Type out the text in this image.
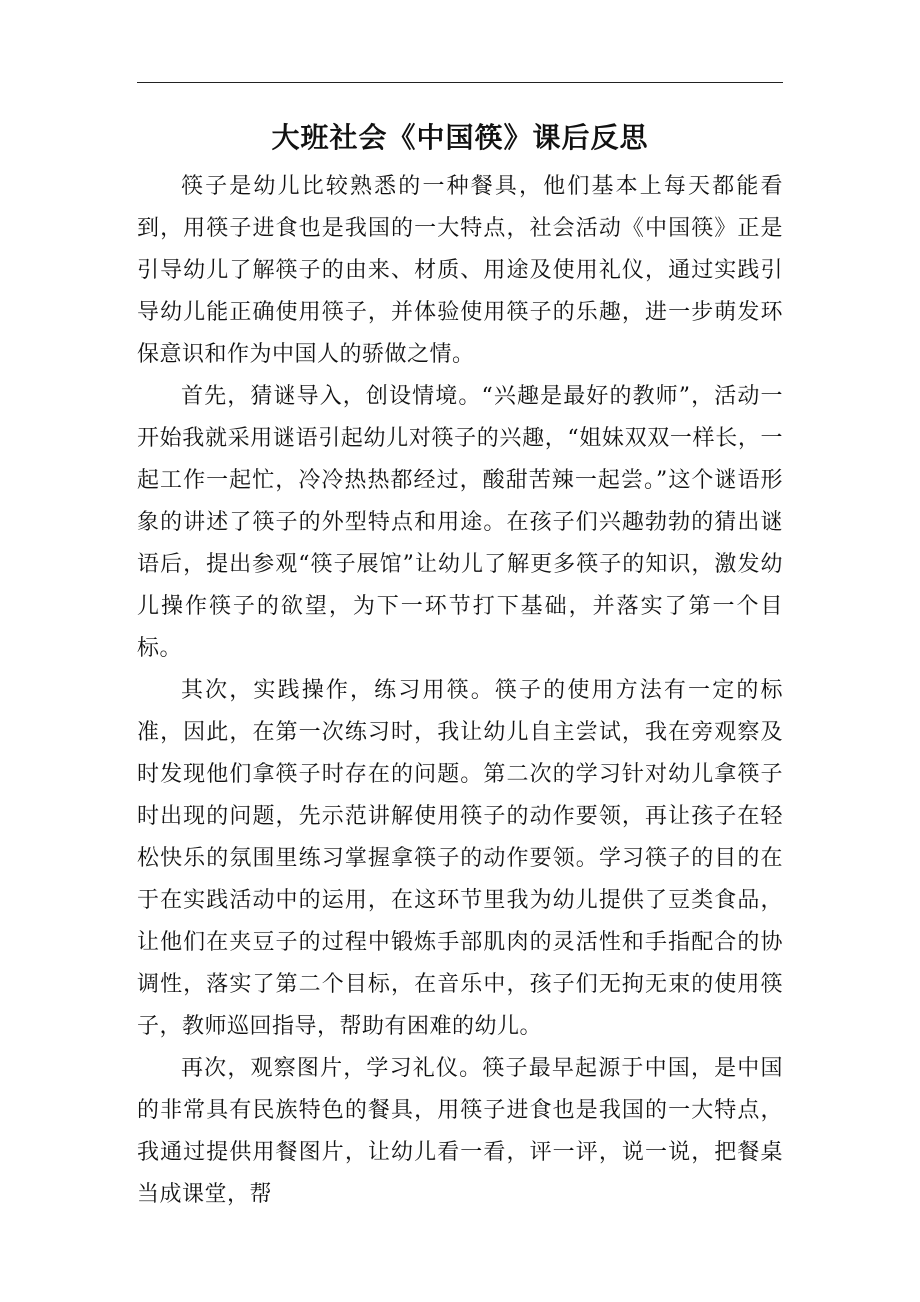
大班社会《中国筷》课后反思

筷子是幼儿比较熟悉的一种餐具，他们基本上每天都能看到，用筷子进食也是我国的一大特点，社会活动《中国筷》正是引导幼儿了解筷子的由来、材质、用途及使用礼仪，通过实践引导幼儿能正确使用筷子，并体验使用筷子的乐趣，进一步萌发环保意识和作为中国人的骄做之情。

首先，猜谜导入，创设情境。“兴趣是最好的教师”，活动一开始我就采用谜语引起幼儿对筷子的兴趣，“姐妹双双一样长，一起工作一起忙，冷冷热热都经过，酸甜苦辣一起尝。”这个谜语形象的讲述了筷子的外型特点和用途。在孩子们兴趣勃勃的猜出谜语后，提出参观“筷子展馆”让幼儿了解更多筷子的知识，激发幼儿操作筷子的欲望，为下一环节打下基础，并落实了第一个目标。

其次，实践操作，练习用筷。筷子的使用方法有一定的标准，因此，在第一次练习时，我让幼儿自主尝试，我在旁观察及时发现他们拿筷子时存在的问题。第二次的学习针对幼儿拿筷子时出现的问题，先示范讲解使用筷子的动作要领，再让孩子在轻松快乐的氛围里练习掌握拿筷子的动作要领。学习筷子的目的在于在实践活动中的运用，在这环节里我为幼儿提供了豆类食品，让他们在夹豆子的过程中锻炼手部肌肉的灵活性和手指配合的协调性，落实了第二个目标，在音乐中，孩子们无拘无束的使用筷子，教师巡回指导，帮助有困难的幼儿。

再次，观察图片，学习礼仪。筷子最早起源于中国，是中国的非常具有民族特色的餐具，用筷子进食也是我国的一大特点，我通过提供用餐图片，让幼儿看一看，评一评，说一说，把餐桌当成课堂，帮
